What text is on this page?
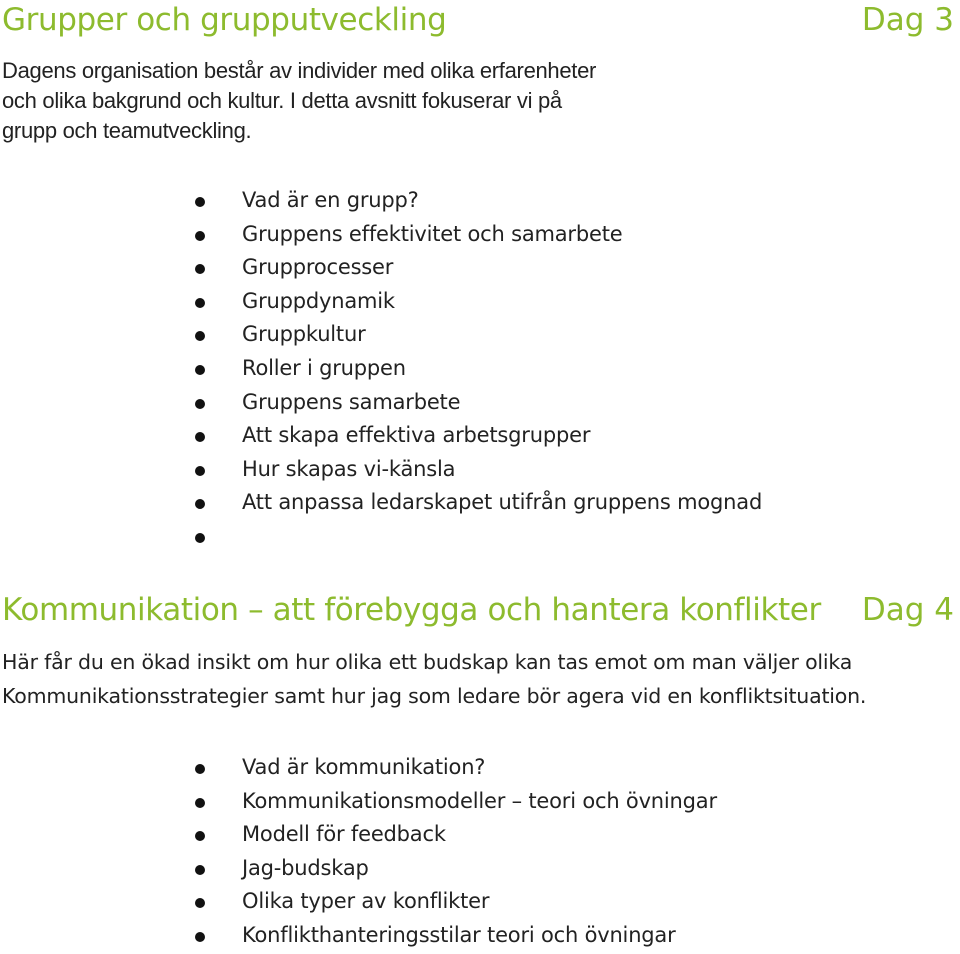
Grupper och grupputveckling	Dag 3
Dagens organisation består av individer med olika erfarenheter
och olika bakgrund och kultur. I detta avsnitt fokuserar vi på
grupp och teamutveckling.
Vad är en grupp?
Gruppens effektivitet och samarbete
Grupprocesser
Gruppdynamik
Gruppkultur
Roller i gruppen
Gruppens samarbete
Att skapa effektiva arbetsgrupper
Hur skapas vi-känsla
Att anpassa ledarskapet utifrån gruppens mognad
Kommunikation – att förebygga och hantera konflikter Dag 4

Här får du en ökad insikt om hur olika ett budskap kan tas emot om man väljer olika

Kommunikationsstrategier samt hur jag som ledare bör agera vid en konfliktsituation.

Vad är kommunikation?
Kommunikationsmodeller – teori och övningar
Modell för feedback
Jag-budskap
Olika typer av konflikter
Konflikthanteringsstilar teori och övningar
